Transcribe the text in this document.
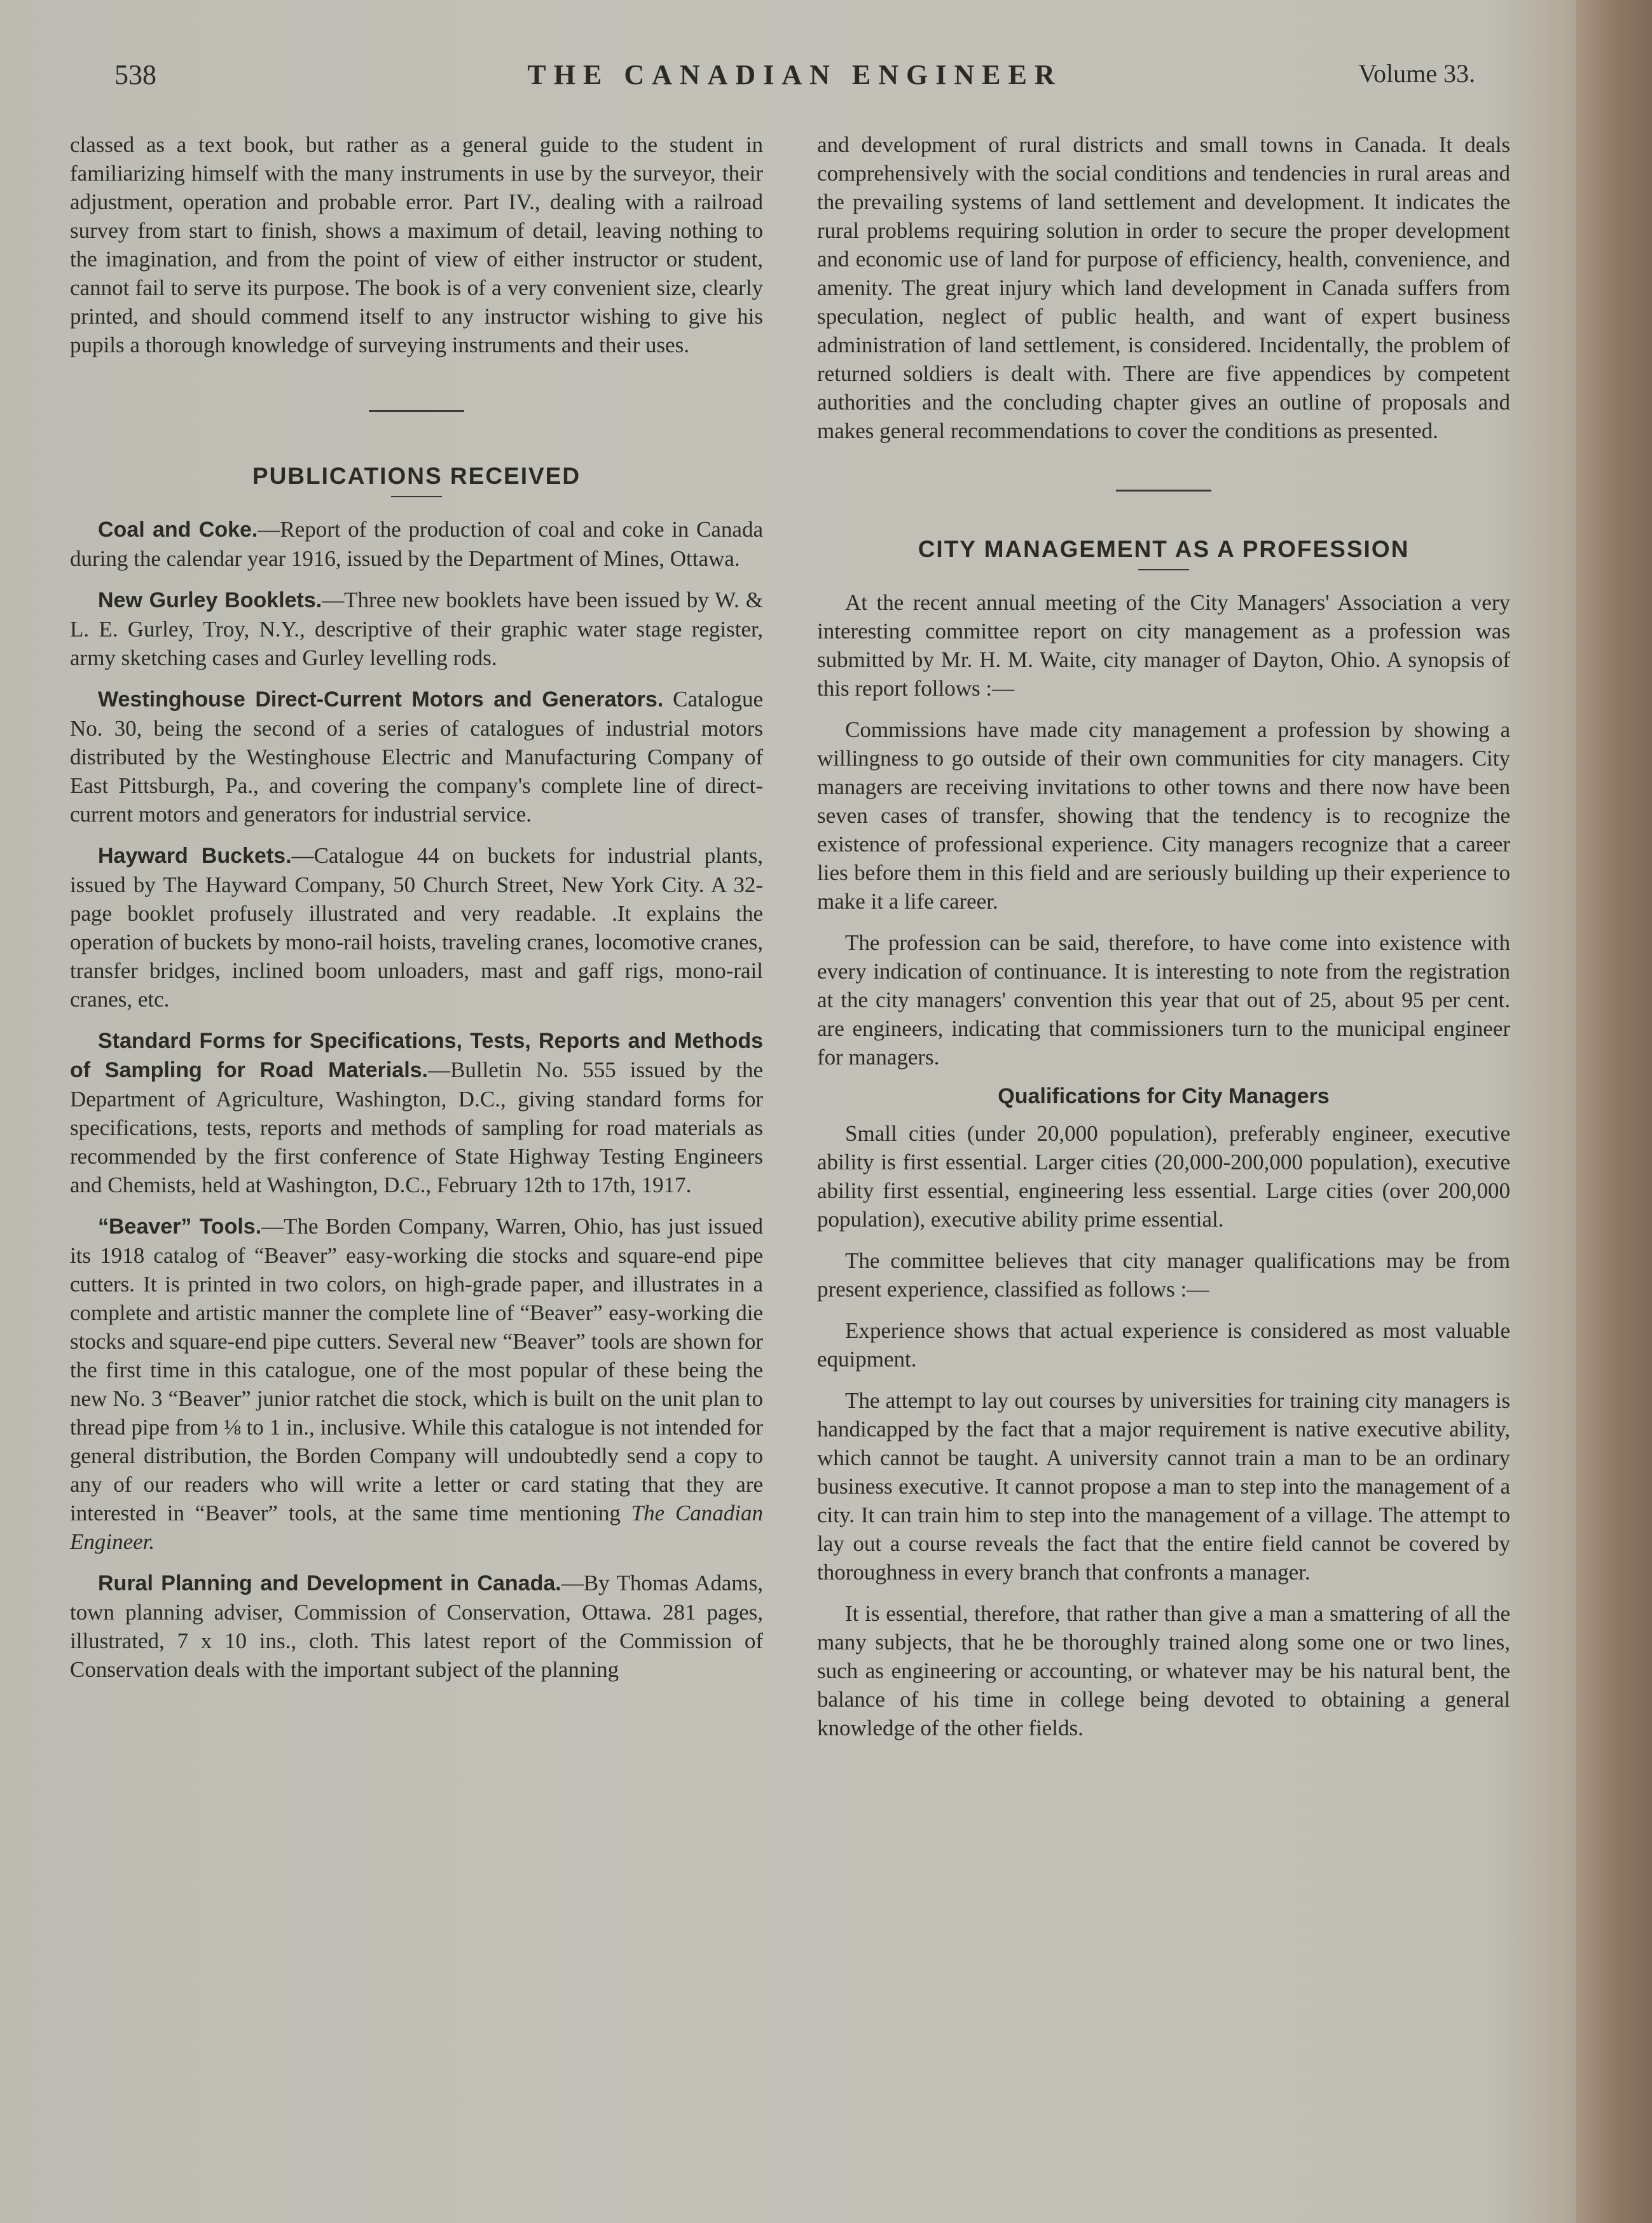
538	THE CANADIAN ENGINEER	Volume 33.

classed as a text book, but rather as a general guide to the student in familiarizing himself with the many instruments in use by the surveyor, their adjustment, operation and probable error. Part IV., dealing with a railroad survey from start to finish, shows a maximum of detail, leaving nothing to the imagination, and from the point of view of either instructor or student, cannot fail to serve its purpose. The book is of a very convenient size, clearly printed, and should commend itself to any instructor wishing to give his pupils a thorough knowledge of surveying instruments and their uses.

PUBLICATIONS RECEIVED

Coal and Coke.—Report of the production of coal and coke in Canada during the calendar year 1916, issued by the Department of Mines, Ottawa.

New Gurley Booklets.—Three new booklets have been issued by W. & L. E. Gurley, Troy, N.Y., descriptive of their graphic water stage register, army sketching cases and Gurley levelling rods.

Westinghouse Direct-Current Motors and Generators. Catalogue No. 30, being the second of a series of catalogues of industrial motors distributed by the Westinghouse Electric and Manufacturing Company of East Pittsburgh, Pa., and covering the company's complete line of direct-current motors and generators for industrial service.

Hayward Buckets.—Catalogue 44 on buckets for industrial plants, issued by The Hayward Company, 50 Church Street, New York City. A 32-page booklet profusely illustrated and very readable. .It explains the operation of buckets by mono-rail hoists, traveling cranes, locomotive cranes, transfer bridges, inclined boom unloaders, mast and gaff rigs, mono-rail cranes, etc.

Standard Forms for Specifications, Tests, Reports and Methods of Sampling for Road Materials.—Bulletin No. 555 issued by the Department of Agriculture, Washington, D.C., giving standard forms for specifications, tests, reports and methods of sampling for road materials as recommended by the first conference of State Highway Testing Engineers and Chemists, held at Washington, D.C., February 12th to 17th, 1917.

“Beaver” Tools.—The Borden Company, Warren, Ohio, has just issued its 1918 catalog of “Beaver” easy-working die stocks and square-end pipe cutters. It is printed in two colors, on high-grade paper, and illustrates in a complete and artistic manner the complete line of “Beaver” easy-working die stocks and square-end pipe cutters. Several new “Beaver” tools are shown for the first time in this catalogue, one of the most popular of these being the new No. 3 “Beaver” junior ratchet die stock, which is built on the unit plan to thread pipe from ⅛ to 1 in., inclusive. While this catalogue is not intended for general distribution, the Borden Company will undoubtedly send a copy to any of our readers who will write a letter or card stating that they are interested in “Beaver” tools, at the same time mentioning The Canadian Engineer.

Rural Planning and Development in Canada.—By Thomas Adams, town planning adviser, Commission of Conservation, Ottawa. 281 pages, illustrated, 7 x 10 ins., cloth. This latest report of the Commission of Conservation deals with the important subject of the planning

and development of rural districts and small towns in Canada. It deals comprehensively with the social conditions and tendencies in rural areas and the prevailing systems of land settlement and development. It indicates the rural problems requiring solution in order to secure the proper development and economic use of land for purpose of efficiency, health, convenience, and amenity. The great injury which land development in Canada suffers from speculation, neglect of public health, and want of expert business administration of land settlement, is considered. Incidentally, the problem of returned soldiers is dealt with. There are five appendices by competent authorities and the concluding chapter gives an outline of proposals and makes general recommendations to cover the conditions as presented.

CITY MANAGEMENT AS A PROFESSION

At the recent annual meeting of the City Managers' Association a very interesting committee report on city management as a profession was submitted by Mr. H. M. Waite, city manager of Dayton, Ohio. A synopsis of this report follows :—

Commissions have made city management a profession by showing a willingness to go outside of their own communities for city managers. City managers are receiving invitations to other towns and there now have been seven cases of transfer, showing that the tendency is to recognize the existence of professional experience. City managers recognize that a career lies before them in this field and are seriously building up their experience to make it a life career.

The profession can be said, therefore, to have come into existence with every indication of continuance. It is interesting to note from the registration at the city managers' convention this year that out of 25, about 95 per cent. are engineers, indicating that commissioners turn to the municipal engineer for managers.

Qualifications for City Managers

Small cities (under 20,000 population), preferably engineer, executive ability is first essential. Larger cities (20,000-200,000 population), executive ability first essential, engineering less essential. Large cities (over 200,000 population), executive ability prime essential.

The committee believes that city manager qualifications may be from present experience, classified as follows :—

Experience shows that actual experience is considered as most valuable equipment.

The attempt to lay out courses by universities for training city managers is handicapped by the fact that a major requirement is native executive ability, which cannot be taught. A university cannot train a man to be an ordinary business executive. It cannot propose a man to step into the management of a city. It can train him to step into the management of a village. The attempt to lay out a course reveals the fact that the entire field cannot be covered by thoroughness in every branch that confronts a manager.

It is essential, therefore, that rather than give a man a smattering of all the many subjects, that he be thoroughly trained along some one or two lines, such as engineering or accounting, or whatever may be his natural bent, the balance of his time in college being devoted to obtaining a general knowledge of the other fields.
